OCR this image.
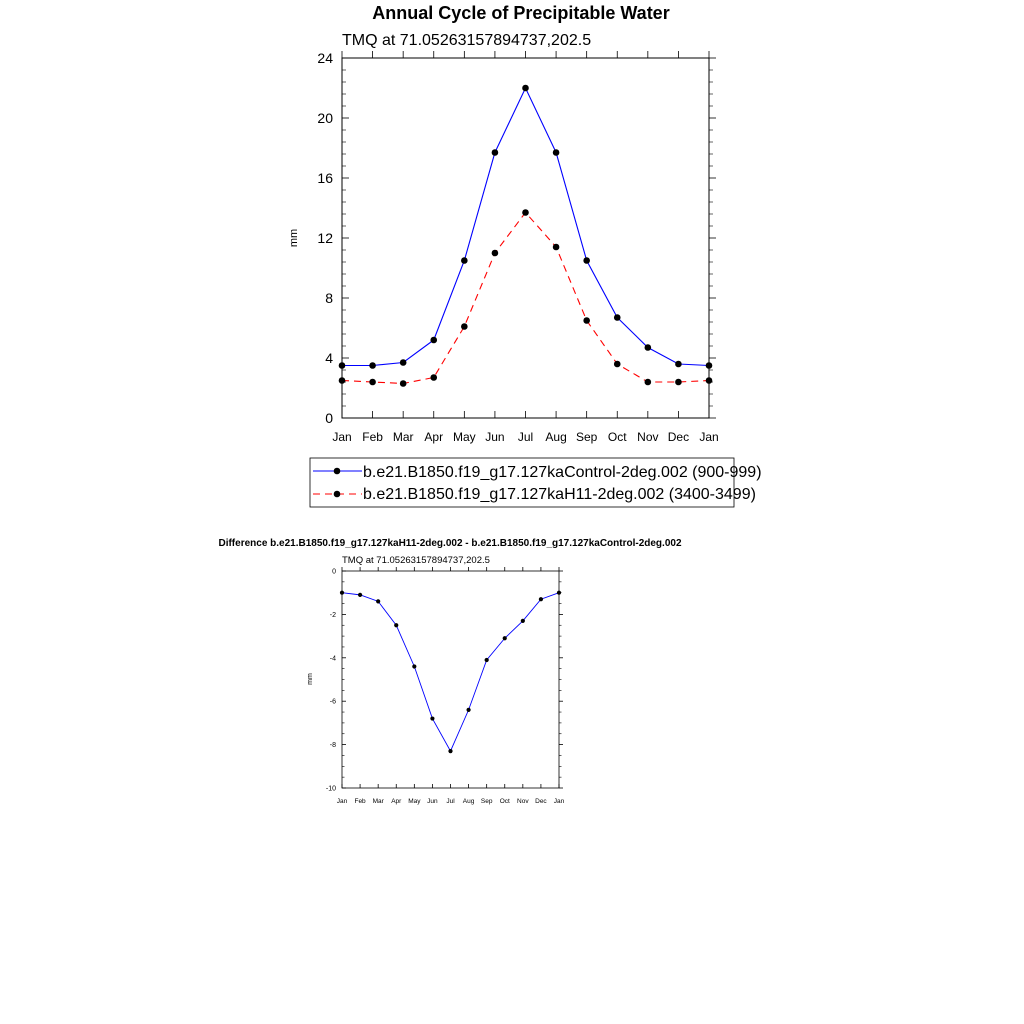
Annual Cycle of Precipitable Water
TMQ at 71.05263157894737,202.5
mm
Jan Feb Mar Apr May Jun Jul Aug Sep Oct Nov Dec Jan
0
4
8
12
16
20
24
b.e21.B1850.f19_g17.127kaControl-2deg.002 (900-999)
b.e21.B1850.f19_g17.127kaH11-2deg.002 (3400-3499)
Difference b.e21.B1850.f19_g17.127kaH11-2deg.002 - b.e21.B1850.f19_g17.127kaControl-2deg.002
TMQ at 71.05263157894737,202.5
mm
Jan Feb Mar Apr May Jun Jul Aug Sep Oct Nov Dec Jan
-10
-8
-6
-4
-2
0
